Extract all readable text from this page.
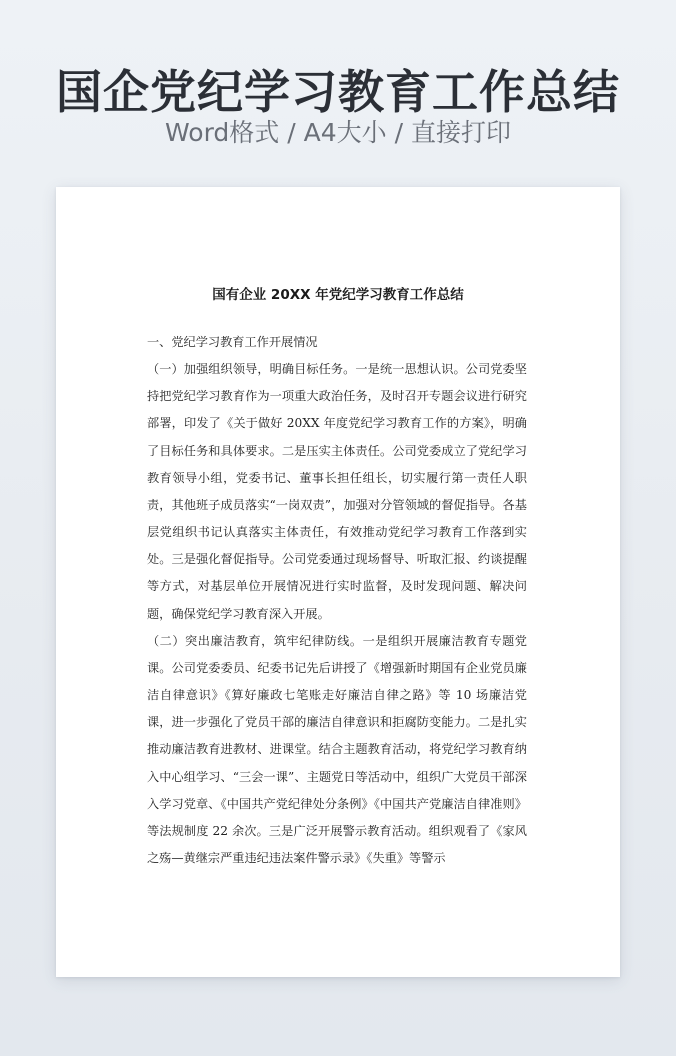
国企党纪学习教育工作总结
Word格式 / A4大小 / 直接打印
国有企业 20XX 年党纪学习教育工作总结

一、党纪学习教育工作开展情况

（一）加强组织领导，明确目标任务。一是统一思想认识。公司党委坚持把党纪学习教育作为一项重大政治任务，及时召开专题会议进行研究部署，印发了《关于做好 20XX 年度党纪学习教育工作的方案》，明确了目标任务和具体要求。二是压实主体责任。公司党委成立了党纪学习教育领导小组，党委书记、董事长担任组长，切实履行第一责任人职责，其他班子成员落实“一岗双责”，加强对分管领域的督促指导。各基层党组织书记认真落实主体责任，有效推动党纪学习教育工作落到实处。三是强化督促指导。公司党委通过现场督导、听取汇报、约谈提醒等方式，对基层单位开展情况进行实时监督，及时发现问题、解决问题，确保党纪学习教育深入开展。

（二）突出廉洁教育，筑牢纪律防线。一是组织开展廉洁教育专题党课。公司党委委员、纪委书记先后讲授了《增强新时期国有企业党员廉洁自律意识》《算好廉政七笔账走好廉洁自律之路》等 10 场廉洁党课，进一步强化了党员干部的廉洁自律意识和拒腐防变能力。二是扎实推动廉洁教育进教材、进课堂。结合主题教育活动，将党纪学习教育纳入中心组学习、“三会一课”、主题党日等活动中，组织广大党员干部深入学习党章、《中国共产党纪律处分条例》《中国共产党廉洁自律准则》等法规制度 22 余次。三是广泛开展警示教育活动。组织观看了《家风之殇—黄继宗严重违纪违法案件警示录》《失重》等警示
